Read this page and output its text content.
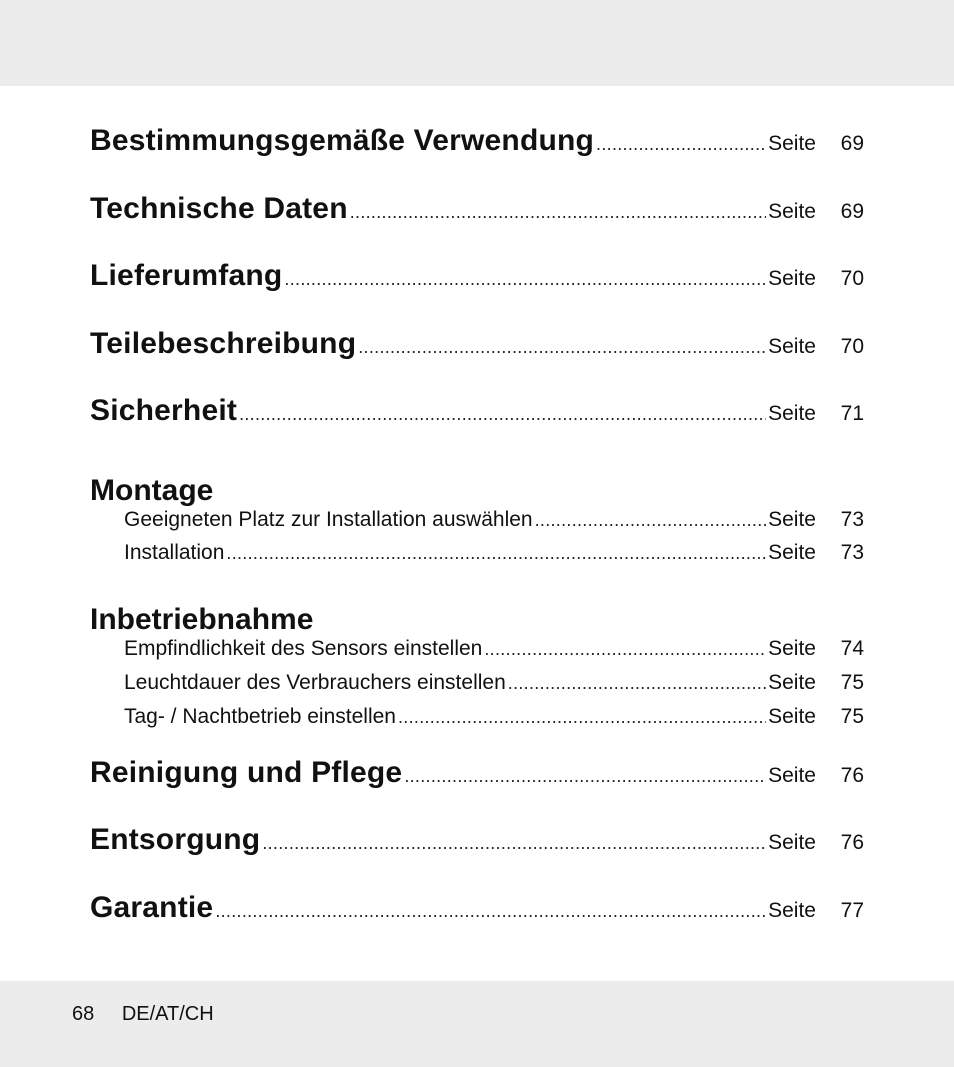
Bestimmungsgemäße Verwendung .....	Seite	69
Technische Daten .....	Seite	69
Lieferumfang .....	Seite	70
Teilebeschreibung .....	Seite	70
Sicherheit .....	Seite	71
Montage
Geeigneten Platz zur Installation auswählen .....	Seite	73
Installation .....	Seite	73
Inbetriebnahme
Empfindlichkeit des Sensors einstellen .....	Seite	74
Leuchtdauer des Verbrauchers einstellen .....	Seite	75
Tag- / Nachtbetrieb einstellen .....	Seite	75
Reinigung und Pflege .....	Seite	76
Entsorgung .....	Seite	76
Garantie .....	Seite	77
68 DE/AT/CH
